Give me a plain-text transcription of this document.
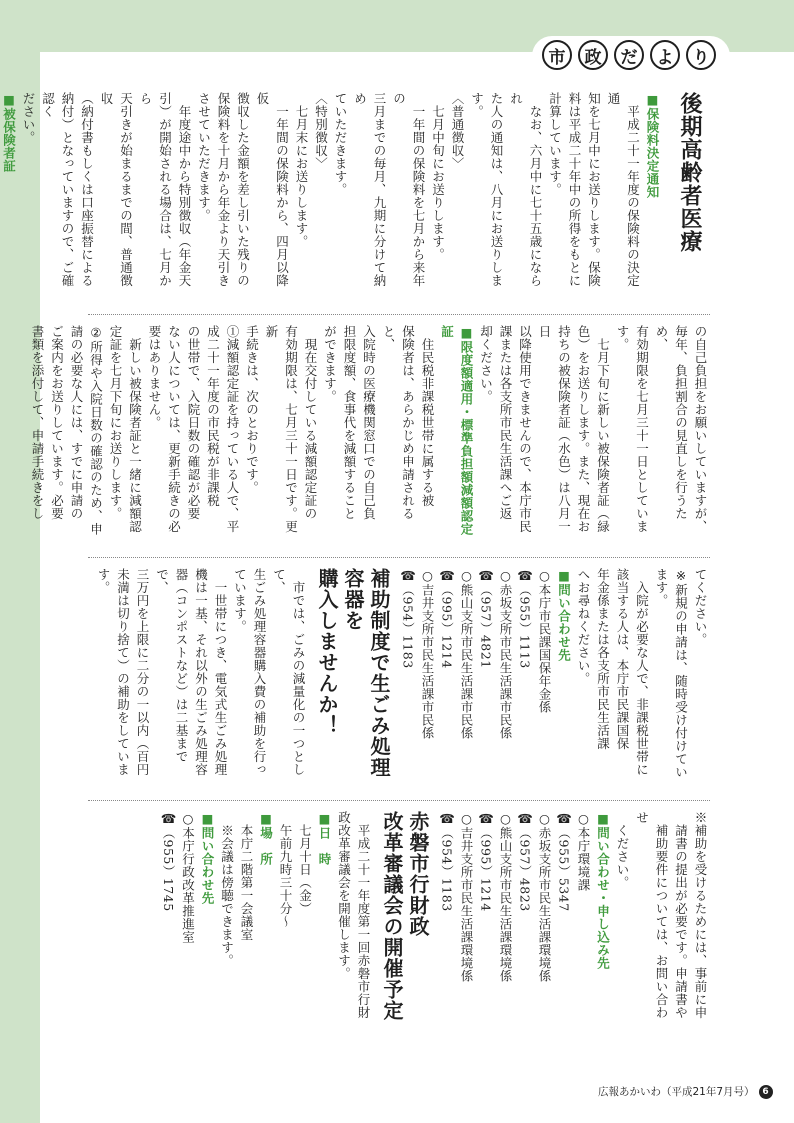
市	政	だ	よ	り
後期高齢者医療
■保険料決定通知
　平成二十一年度の保険料の決定通
知を七月中にお送りします。保険
料は平成二十年中の所得をもとに
計算しています。
　なお、六月中に七十五歳になられ
た人の通知は、八月にお送りします。
〈普通徴収〉
　七月中旬にお送りします。
　一年間の保険料を七月から来年の
三月までの毎月、九期に分けて納め
ていただきます。
〈特別徴収〉
　七月末にお送りします。
　一年間の保険料から、四月以降仮
徴収した金額を差し引いた残りの
保険料を十月から年金より天引き
させていただきます。
　年度途中から特別徴収（年金天
引）が開始される場合は、七月から
天引きが始まるまでの間、普通徴収
（納付書もしくは口座振替による
納付）となっていますので、ご確認く
ださい。
■被保険者証
の自己負担をお願いしていますが、
毎年、負担割合の見直しを行うため、
有効期限を七月三十一日としていま
す。
　七月下旬に新しい被保険者証（緑
色）をお送りします。また、現在お
持ちの被保険者証（水色）は八月一日
以降使用できませんので、本庁市民
課または各支所市民生活課へご返
却ください。
■限度額適用・標準負担額減額認定証
　住民税非課税世帯に属する被
保険者は、あらかじめ申請されると、
入院時の医療機関窓口での自己負
担限度額、食事代を減額すること
ができます。
　現在交付している減額認定証の
有効期限は、七月三十一日です。更新
手続きは、次のとおりです。
①減額認定証を持っている人で、平
成二十一年度の市民税が非課税
の世帯で、入院日数の確認が必要
ない人については、更新手続きの必
要はありません。
　新しい被保険者証と一緒に減額認
定証を七月下旬にお送りします。
②所得や入院日数の確認のため、申
請の必要な人には、すでに申請の
ご案内をお送りしています。必要
書類を添付して、申請手続きをし
てください。
※新規の申請は、随時受け付けてい
ます。
　入院が必要な人で、非課税世帯に
該当する人は、本庁市民課国保
年金係または各支所市民生活課
へお尋ねください。
■問い合わせ先
○本庁市民課国保年金係
☎（955）1113
○赤坂支所市民生活課市民係
☎（957）4821
○熊山支所市民生活課市民係
☎（995）1214
○吉井支所市民生活課市民係
☎（954）1183
補助制度で生ごみ処理容器を
購入しませんか！
　市では、ごみの減量化の一つとして、
生ごみ処理容器購入費の補助を行っ
ています。
　一世帯につき、電気式生ごみ処理
機は一基、それ以外の生ごみ処理容
器（コンポストなど）は二基までで、
三万円を上限に二分の一以内（百円
未満は切り捨て）の補助をしていま
す。
※補助を受けるためには、事前に申
　請書の提出が必要です。申請書や
　補助要件については、お問い合わせ
　ください。
■問い合わせ・申し込み先
○本庁環境課
☎（955）5347
○赤坂支所市民生活課環境係
☎（957）4823
○熊山支所市民生活課環境係
☎（995）1214
○吉井支所市民生活課環境係
☎（954）1183
赤磐市行財政
改革審議会の開催予定
　平成二十一年度第一回赤磐市行財
政改革審議会を開催します。
■日　時
　七月十日（金）
　午前九時三十分～
■場　所
　本庁二階第一会議室
　※会議は傍聴できます。
■問い合わせ先
○本庁行政改革推進室
☎（955）1745
広報あかいわ（平成21年7月号） 6
